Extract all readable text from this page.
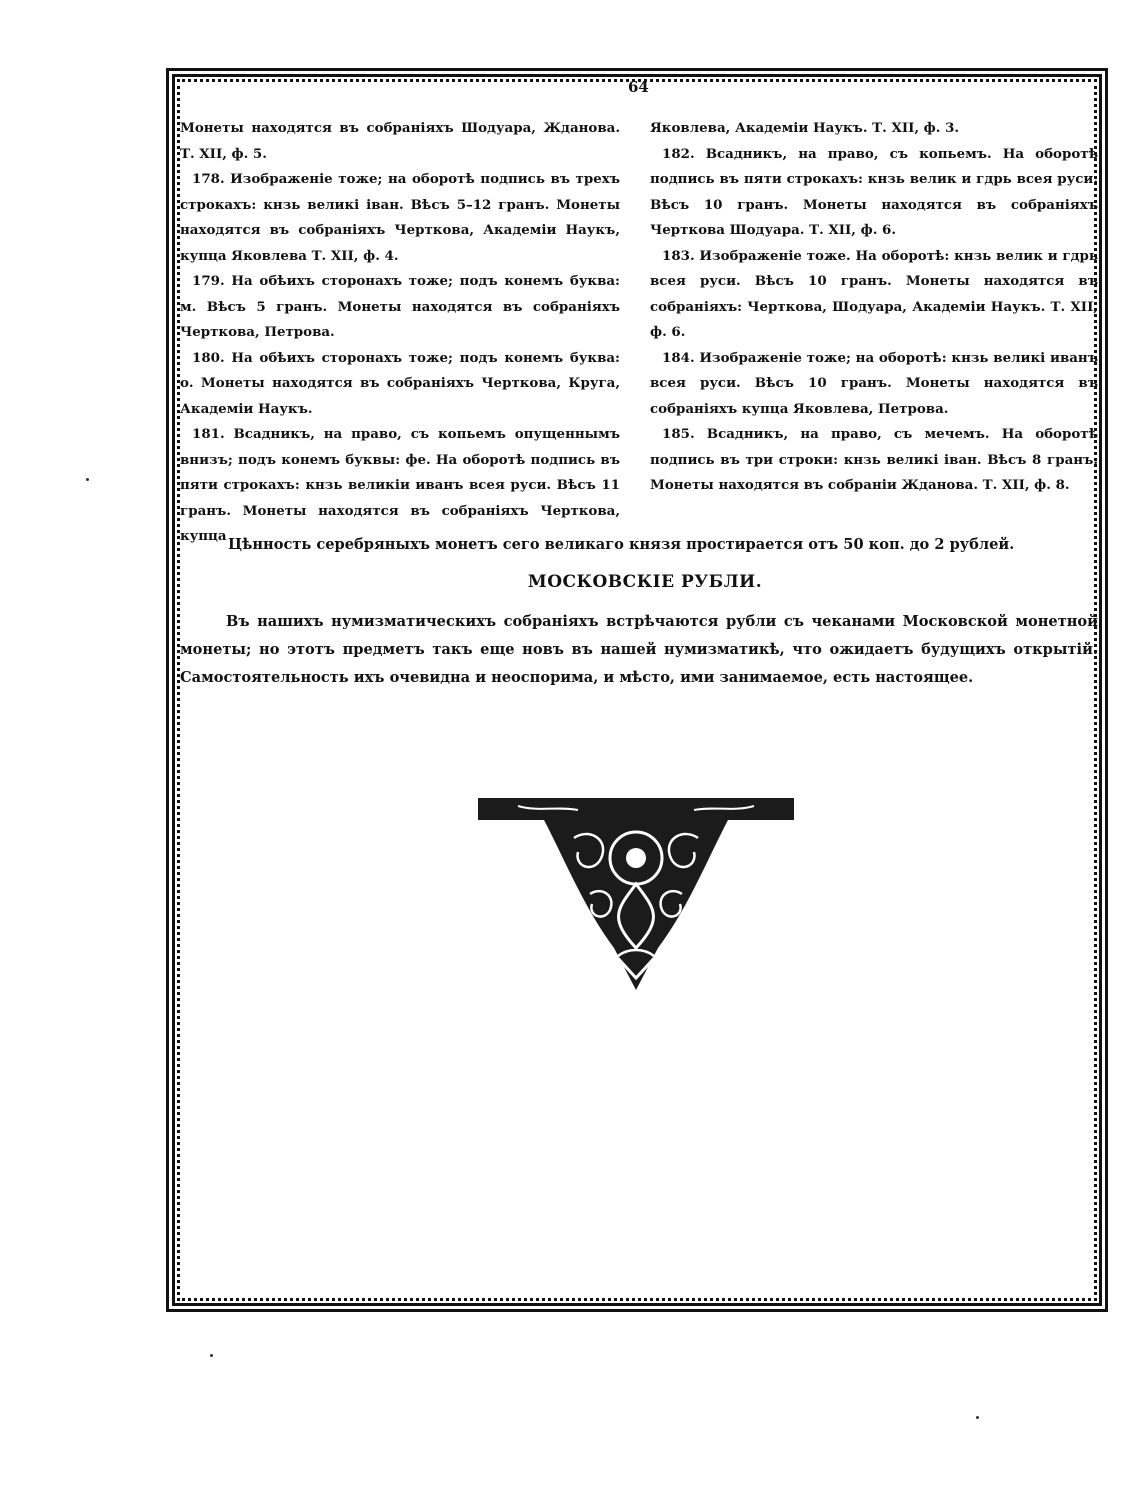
64

Монеты находятся въ собранiяхъ Шодуара, Жданова. Т. XII, ф. 5.

178. Изображенiе тоже; на оборотѣ подпись въ трехъ строкахъ: кнзь великi iван. Вѣсъ 5–12 гранъ. Монеты находятся въ собранiяхъ Черткова, Академiи Наукъ, купца Яковлева Т. XII, ф. 4.

179. На обѣихъ сторонахъ тоже; подъ конемъ буква: м. Вѣсъ 5 гранъ. Монеты находятся въ собранiяхъ Черткова, Петрова.

180. На обѣихъ сторонахъ тоже; подъ конемъ буква: о. Монеты находятся въ собранiяхъ Черткова, Круга, Академiи Наукъ.

181. Всадникъ, на право, съ копьемъ опущеннымъ внизъ; подъ конемъ буквы: фе. На оборотѣ подпись въ пяти строкахъ: кнзь великiи иванъ всея руси. Вѣсъ 11 гранъ. Монеты находятся въ собранiяхъ Черткова, купца

Яковлева, Академiи Наукъ. Т. XII, ф. 3.

182. Всадникъ, на право, съ копьемъ. На оборотѣ подпись въ пяти строкахъ: кнзь велик и гдрь всея руси. Вѣсъ 10 гранъ. Монеты находятся въ собранiяхъ Черткова Шодуара. Т. XII, ф. 6.

183. Изображенiе тоже. На оборотѣ: кнзь велик и гдрь всея руси. Вѣсъ 10 гранъ. Монеты находятся въ собранiяхъ: Черткова, Шодуара, Академiи Наукъ. Т. XII, ф. 6.

184. Изображенiе тоже; на оборотѣ: кнзь великi иванъ всея руси. Вѣсъ 10 гранъ. Монеты находятся въ собранiяхъ купца Яковлева, Петрова.

185. Всадникъ, на право, съ мечемъ. На оборотѣ подпись въ три строки: кнзь великi iван. Вѣсъ 8 гранъ. Монеты находятся въ собранiи Жданова. Т. XII, ф. 8.

Цѣнность серебряныхъ монетъ сего великаго князя простирается отъ 50 коп. до 2 рублей.
МОСКОВСКІЕ РУБЛИ.
Въ нашихъ нумизматическихъ собранiяхъ встрѣчаются рубли съ чеканами Московской монетной монеты; но этотъ предметъ такъ еще новъ въ нашей нумизматикѣ, что ожидаетъ будущихъ открытiй. Самостоятельность ихъ очевидна и неоспорима, и мѣсто, ими занимаемое, есть настоящее.
